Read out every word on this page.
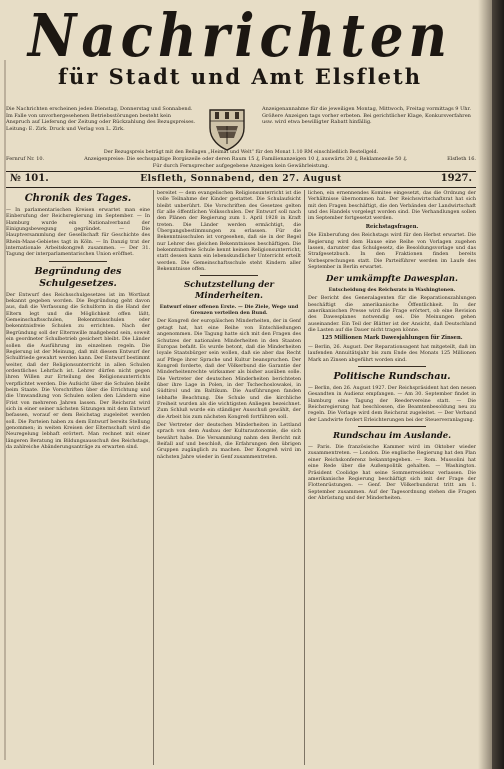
Nachrichten
für Stadt und Amt Elsfleth
Die Nachrichten erscheinen jeden Dienstag, Donnerstag und Sonnabend. Im Falle von unvorhergesehenen Betriebsstörungen besteht kein Anspruch auf Lieferung der Zeitung oder Rückzahlung des Bezugspreises. Leitung: E. Zirk. Druck und Verlag von L. Zirk.
Anzeigenannahme für die jeweiligen Montag, Mittwoch, Freitag vormittags 9 Uhr. Größere Anzeigen tags vorher erbeten. Bei gerichtlicher Klage, Konkursverfahren usw. wird etwa bewilligter Rabatt hinfällig.
Der Bezugspreis beträgt mit den Beilagen „Heimat und Welt“ für den Monat 1.10 RM einschließlich Bestellgeld.
Fernruf Nr. 10.	Anzeigenpreise: Die sechsspaltige Borgiszeile oder deren Raum 15 ₰, Familienanzeigen 10 ₰, auswärts 20 ₰, Reklamezeile 50 ₰.	Elsfleth 16.
Für durch Fernsprecher aufgegebene Anzeigen kein Gewährleistung.
№ 101.	Elsfleth, Sonnabend, den 27. August	1927.
Chronik des Tages.
— In parlamentarischen Kreisen erwartet man eine Einberufung der Reichsregierung im September. — In Hamburg wurde ein Nationalverband der Einigungsbewegung gegründet. — Die Hauptversammlung der Gesellschaft für Geschichte des Rhein-Maas-Gebietes tagt in Köln. — In Danzig trat der internationale Arbeitskongreß zusammen. — Der 31. Tagung der interparlamentarischen Union eröffnet.
Begründung des Schulgesetzes.
Der Entwurf des Reichsschulgesetzes ist im Wortlaut bekannt gegeben worden. Die Begründung geht davon aus, daß die Verfassung die Schulform in die Hand der Eltern legt und die Möglichkeit offen läßt, Gemeinschaftsschulen, Bekenntnisschulen oder bekenntnisfreie Schulen zu errichten. Nach der Begründung soll der Elternwille maßgebend sein, soweit ein geordneter Schulbetrieb gesichert bleibt. Die Länder sollen die Ausführung im einzelnen regeln. Die Regierung ist der Meinung, daß mit diesem Entwurf der Schulfriede gewahrt werden kann. Der Entwurf bestimmt weiter, daß der Religionsunterricht in allen Schulen ordentliches Lehrfach ist. Lehrer dürfen nicht gegen ihren Willen zur Erteilung des Religionsunterrichts verpflichtet werden. Die Aufsicht über die Schulen bleibt beim Staate. Die Vorschriften über die Errichtung und die Umwandlung von Schulen sollen den Ländern eine Frist von mehreren Jahren lassen. Der Reichsrat wird sich in einer seiner nächsten Sitzungen mit dem Entwurf befassen, worauf er dem Reichstag zugeleitet werden soll. Die Parteien haben zu dem Entwurf bereits Stellung genommen; in weiten Kreisen der Elternschaft wird die Neuregelung lebhaft erörtert. Man rechnet mit einer längeren Beratung im Bildungsausschuß des Reichstags, da zahlreiche Abänderungsanträge zu erwarten sind.
bereitet — dem evangelischen Religionsunterricht ist die volle Teilnahme der Kinder gestattet. Die Schulaufsicht bleibt unberührt. Die Vorschriften des Gesetzes gelten für alle öffentlichen Volksschulen. Der Entwurf soll nach den Plänen der Regierung zum 1. April 1928 in Kraft treten. Die Länder werden ermächtigt, die Übergangsbestimmungen zu erlassen. Für die Bekenntnisschulen ist vorgesehen, daß sie in der Regel nur Lehrer des gleichen Bekenntnisses beschäftigen. Die bekenntnisfreie Schule kennt keinen Religionsunterricht, statt dessen kann ein lebenskundlicher Unterricht erteilt werden. Die Gemeinschaftsschule steht Kindern aller Bekenntnisse offen.
Schutzstellung der Minderheiten.
Entwurf einer offenen Erste. — Die Ziele, Wege und Grenzen verteilen den Bund.
Der Kongreß der europäischen Minderheiten, der in Genf getagt hat, hat eine Reihe von Entschließungen angenommen. Die Tagung hatte sich mit den Fragen des Schutzes der nationalen Minderheiten in den Staaten Europas befaßt. Es wurde betont, daß die Minderheiten loyale Staatsbürger sein wollen, daß sie aber das Recht auf Pflege ihrer Sprache und Kultur beanspruchen. Der Kongreß forderte, daß der Völkerbund die Garantie der Minderheitenrechte wirksamer als bisher ausüben solle. Die Vertreter der deutschen Minderheiten berichteten über ihre Lage in Polen, in der Tschechoslowakei, in Südtirol und im Baltikum. Die Ausführungen fanden lebhafte Beachtung. Die Schule und die kirchliche Freiheit wurden als die wichtigsten Anliegen bezeichnet. Zum Schluß wurde ein ständiger Ausschuß gewählt, der die Arbeit bis zum nächsten Kongreß fortführen soll.
Der Vertreter der deutschen Minderheiten in Lettland sprach von dem Ausbau der Kulturautonomie, die sich bewährt habe. Die Versammlung nahm den Bericht mit Beifall auf und beschloß, die Erfahrungen den übrigen Gruppen zugänglich zu machen. Der Kongreß wird im nächsten Jahre wieder in Genf zusammentreten.
lichen, ein ernennendes Komitee eingesetzt, das die Ordnung der Verhältnisse übernommen hat. Der Reichswirtschaftsrat hat sich mit den Fragen beschäftigt, die den Verbänden der Landwirtschaft und des Handels vorgelegt worden sind. Die Verhandlungen sollen im September fortgesetzt werden.
Reichstagsfragen.
Die Einberufung des Reichstags wird für den Herbst erwartet. Die Regierung wird dem Hause eine Reihe von Vorlagen zugehen lassen, darunter das Schulgesetz, die Besoldungsvorlage und das Strafgesetzbuch. In den Fraktionen finden bereits Vorbesprechungen statt. Die Parteiführer werden im Laufe des September in Berlin erwartet.
Der umkämpfte Dawesplan.
Entscheidung des Reichsrats in Washingtonen.
Der Bericht des Generalagenten für die Reparationszahlungen beschäftigt die amerikanische Öffentlichkeit. In der amerikanischen Presse wird die Frage erörtert, ob eine Revision des Dawesplanes notwendig sei. Die Meinungen gehen auseinander. Ein Teil der Blätter ist der Ansicht, daß Deutschland die Lasten auf die Dauer nicht tragen könne.
125 Millionen Mark Dawesjahlungen für Zinsen.
— Berlin, 26. August. Der Reparationsagent hat mitgeteilt, daß im laufenden Annuitätsjahr bis zum Ende des Monats 125 Millionen Mark an Zinsen abgeführt worden sind.
Politische Rundschau.
— Berlin, den 26. August 1927. Der Reichspräsident hat den neuen Gesandten in Audienz empfangen. — Am 30. September findet in Hamburg eine Tagung der Reedervereine statt. — Die Reichsregierung hat beschlossen, die Beamtenbesoldung neu zu regeln. Die Vorlage wird dem Reichsrat zugeleitet. — Der Verband der Landwirte fordert Erleichterungen bei der Steuerveranlagung.
Rundschau im Auslande.
— Paris. Die französische Kammer wird im Oktober wieder zusammentreten. — London. Die englische Regierung hat den Plan einer Reichskonferenz bekanntgegeben. — Rom. Mussolini hat eine Rede über die Außenpolitik gehalten. — Washington. Präsident Coolidge hat seine Sommerresidenz verlassen. Die amerikanische Regierung beschäftigt sich mit der Frage der Flottenrüstungen. — Genf. Der Völkerbundsrat tritt am 1. September zusammen. Auf der Tagesordnung stehen die Fragen der Abrüstung und der Minderheiten.
